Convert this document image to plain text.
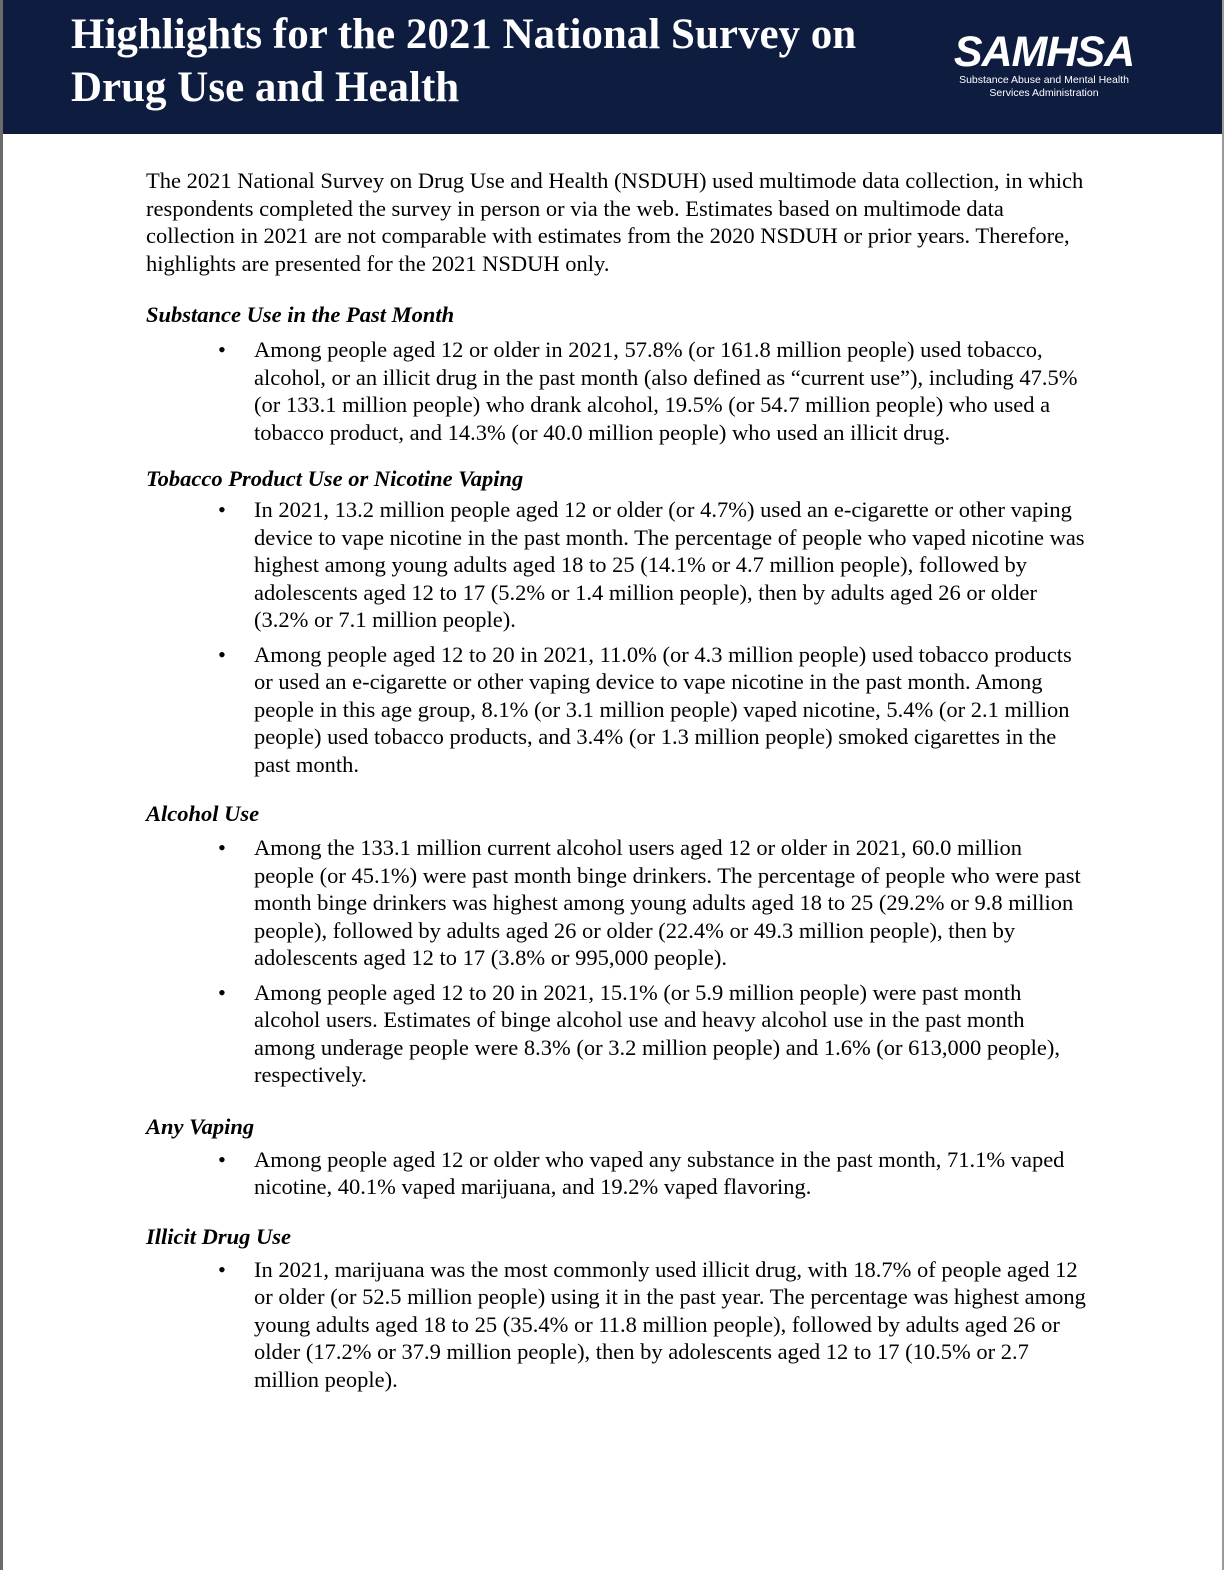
Highlights for the 2021 National Survey on
Drug Use and Health
SAMHSA
Substance Abuse and Mental Health
Services Administration

The 2021 National Survey on Drug Use and Health (NSDUH) used multimode data collection, in which respondents completed the survey in person or via the web. Estimates based on multimode data collection in 2021 are not comparable with estimates from the 2020 NSDUH or prior years. Therefore, highlights are presented for the 2021 NSDUH only.

Substance Use in the Past Month
• Among people aged 12 or older in 2021, 57.8% (or 161.8 million people) used tobacco, alcohol, or an illicit drug in the past month (also defined as “current use”), including 47.5% (or 133.1 million people) who drank alcohol, 19.5% (or 54.7 million people) who used a tobacco product, and 14.3% (or 40.0 million people) who used an illicit drug.
Tobacco Product Use or Nicotine Vaping
• In 2021, 13.2 million people aged 12 or older (or 4.7%) used an e-cigarette or other vaping device to vape nicotine in the past month. The percentage of people who vaped nicotine was highest among young adults aged 18 to 25 (14.1% or 4.7 million people), followed by adolescents aged 12 to 17 (5.2% or 1.4 million people), then by adults aged 26 or older (3.2% or 7.1 million people).
• Among people aged 12 to 20 in 2021, 11.0% (or 4.3 million people) used tobacco products or used an e-cigarette or other vaping device to vape nicotine in the past month. Among people in this age group, 8.1% (or 3.1 million people) vaped nicotine, 5.4% (or 2.1 million people) used tobacco products, and 3.4% (or 1.3 million people) smoked cigarettes in the past month.
Alcohol Use
• Among the 133.1 million current alcohol users aged 12 or older in 2021, 60.0 million people (or 45.1%) were past month binge drinkers. The percentage of people who were past month binge drinkers was highest among young adults aged 18 to 25 (29.2% or 9.8 million people), followed by adults aged 26 or older (22.4% or 49.3 million people), then by adolescents aged 12 to 17 (3.8% or 995,000 people).
• Among people aged 12 to 20 in 2021, 15.1% (or 5.9 million people) were past month alcohol users. Estimates of binge alcohol use and heavy alcohol use in the past month among underage people were 8.3% (or 3.2 million people) and 1.6% (or 613,000 people), respectively.
Any Vaping
• Among people aged 12 or older who vaped any substance in the past month, 71.1% vaped nicotine, 40.1% vaped marijuana, and 19.2% vaped flavoring.
Illicit Drug Use
• In 2021, marijuana was the most commonly used illicit drug, with 18.7% of people aged 12 or older (or 52.5 million people) using it in the past year. The percentage was highest among young adults aged 18 to 25 (35.4% or 11.8 million people), followed by adults aged 26 or older (17.2% or 37.9 million people), then by adolescents aged 12 to 17 (10.5% or 2.7 million people).
